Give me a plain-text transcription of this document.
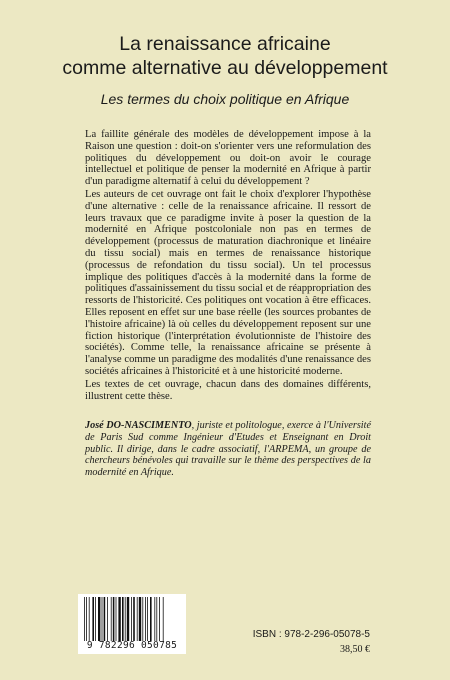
La renaissance africaine
comme alternative au développement
Les termes du choix politique en Afrique

La faillite générale des modèles de développement impose à la Raison une question : doit-on s'orienter vers une reformulation des politiques du développement ou doit-on avoir le courage intellectuel et politique de penser la modernité en Afrique à partir d'un paradigme alternatif à celui du développement ?

Les auteurs de cet ouvrage ont fait le choix d'explorer l'hypothèse d'une alternative : celle de la renaissance africaine. Il ressort de leurs travaux que ce paradigme invite à poser la question de la modernité en Afrique postcoloniale non pas en termes de développement (processus de maturation diachronique et linéaire du tissu social) mais en termes de renaissance historique (processus de refondation du tissu social). Un tel processus implique des politiques d'accès à la modernité dans la forme de politiques d'assainissement du tissu social et de réappropriation des ressorts de l'historicité. Ces politiques ont vocation à être efficaces. Elles reposent en effet sur une base réelle (les sources probantes de l'histoire africaine) là où celles du développement reposent sur une fiction historique (l'interprétation évolutionniste de l'histoire des sociétés). Comme telle, la renaissance africaine se présente à l'analyse comme un paradigme des modalités d'une renaissance des sociétés africaines à l'historicité et à une historicité moderne.

Les textes de cet ouvrage, chacun dans des domaines différents, illustrent cette thèse.

José DO-NASCIMENTO, juriste et politologue, exerce à l'Université de Paris Sud comme Ingénieur d'Etudes et Enseignant en Droit public. Il dirige, dans le cadre associatif, l'ARPEMA, un groupe de chercheurs bénévoles qui travaille sur le thème des perspectives de la modernité en Afrique.
9 782296 050785
ISBN : 978-2-296-05078-5
38,50 €
